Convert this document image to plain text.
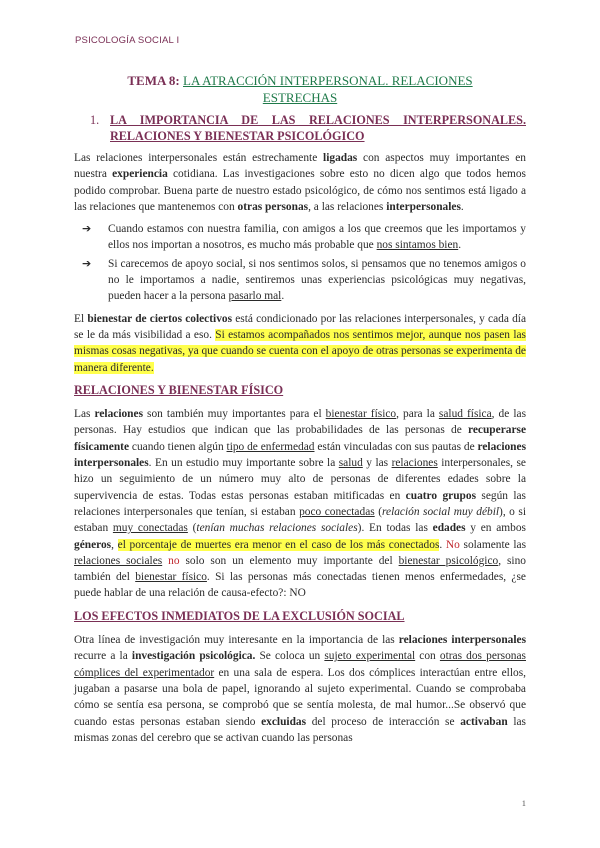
PSICOLOGÍA SOCIAL I
TEMA 8: LA ATRACCIÓN INTERPERSONAL. RELACIONES ESTRECHAS
1. LA IMPORTANCIA DE LAS RELACIONES INTERPERSONALES.
RELACIONES Y BIENESTAR PSICOLÓGICO

Las relaciones interpersonales están estrechamente ligadas con aspectos muy importantes en nuestra experiencia cotidiana. Las investigaciones sobre esto no dicen algo que todos hemos podido comprobar. Buena parte de nuestro estado psicológico, de cómo nos sentimos está ligado a las relaciones que mantenemos con otras personas, a las relaciones interpersonales.

➔ Cuando estamos con nuestra familia, con amigos a los que creemos que les importamos y ellos nos importan a nosotros, es mucho más probable que nos sintamos bien.
➔ Si carecemos de apoyo social, si nos sentimos solos, si pensamos que no tenemos amigos o no le importamos a nadie, sentiremos unas experiencias psicológicas muy negativas, pueden hacer a la persona pasarlo mal.

El bienestar de ciertos colectivos está condicionado por las relaciones interpersonales, y cada día se le da más visibilidad a eso. Si estamos acompañados nos sentimos mejor, aunque nos pasen las mismas cosas negativas, ya que cuando se cuenta con el apoyo de otras personas se experimenta de manera diferente.

RELACIONES Y BIENESTAR FÍSICO

Las relaciones son también muy importantes para el bienestar físico, para la salud física, de las personas. Hay estudios que indican que las probabilidades de las personas de recuperarse físicamente cuando tienen algún tipo de enfermedad están vinculadas con sus pautas de relaciones interpersonales. En un estudio muy importante sobre la salud y las relaciones interpersonales, se hizo un seguimiento de un número muy alto de personas de diferentes edades sobre la supervivencia de estas. Todas estas personas estaban mitificadas en cuatro grupos según las relaciones interpersonales que tenían, si estaban poco conectadas (relación social muy débil), o si estaban muy conectadas (tenían muchas relaciones sociales). En todas las edades y en ambos géneros, el porcentaje de muertes era menor en el caso de los más conectados. No solamente las relaciones sociales no solo son un elemento muy importante del bienestar psicológico, sino también del bienestar físico. Si las personas más conectadas tienen menos enfermedades, ¿se puede hablar de una relación de causa-efecto?: NO

LOS EFECTOS INMEDIATOS DE LA EXCLUSIÓN SOCIAL

Otra línea de investigación muy interesante en la importancia de las relaciones interpersonales recurre a la investigación psicológica. Se coloca un sujeto experimental con otras dos personas cómplices del experimentador en una sala de espera. Los dos cómplices interactúan entre ellos, jugaban a pasarse una bola de papel, ignorando al sujeto experimental. Cuando se comprobaba cómo se sentía esa persona, se comprobó que se sentía molesta, de mal humor...Se observó que cuando estas personas estaban siendo excluidas del proceso de interacción se activaban las mismas zonas del cerebro que se activan cuando las personas

1
